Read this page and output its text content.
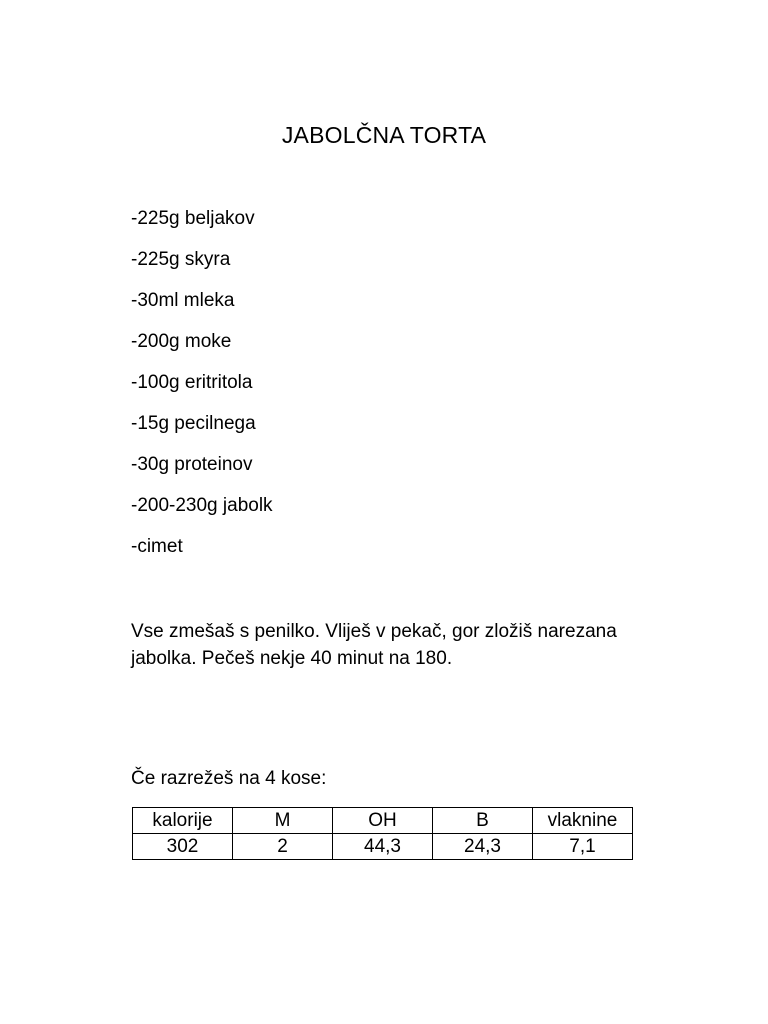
JABOLČNA TORTA
-225g beljakov
-225g skyra
-30ml mleka
-200g moke
-100g eritritola
-15g pecilnega
-30g proteinov
-200-230g jabolk
-cimet
Vse zmešaš s penilko. Vliješ v pekač, gor zložiš narezana jabolka. Pečeš nekje 40 minut na 180.
Če razrežeš na 4 kose:
kalorije	M	OH	B	vlaknine
302	2	44,3	24,3	7,1
